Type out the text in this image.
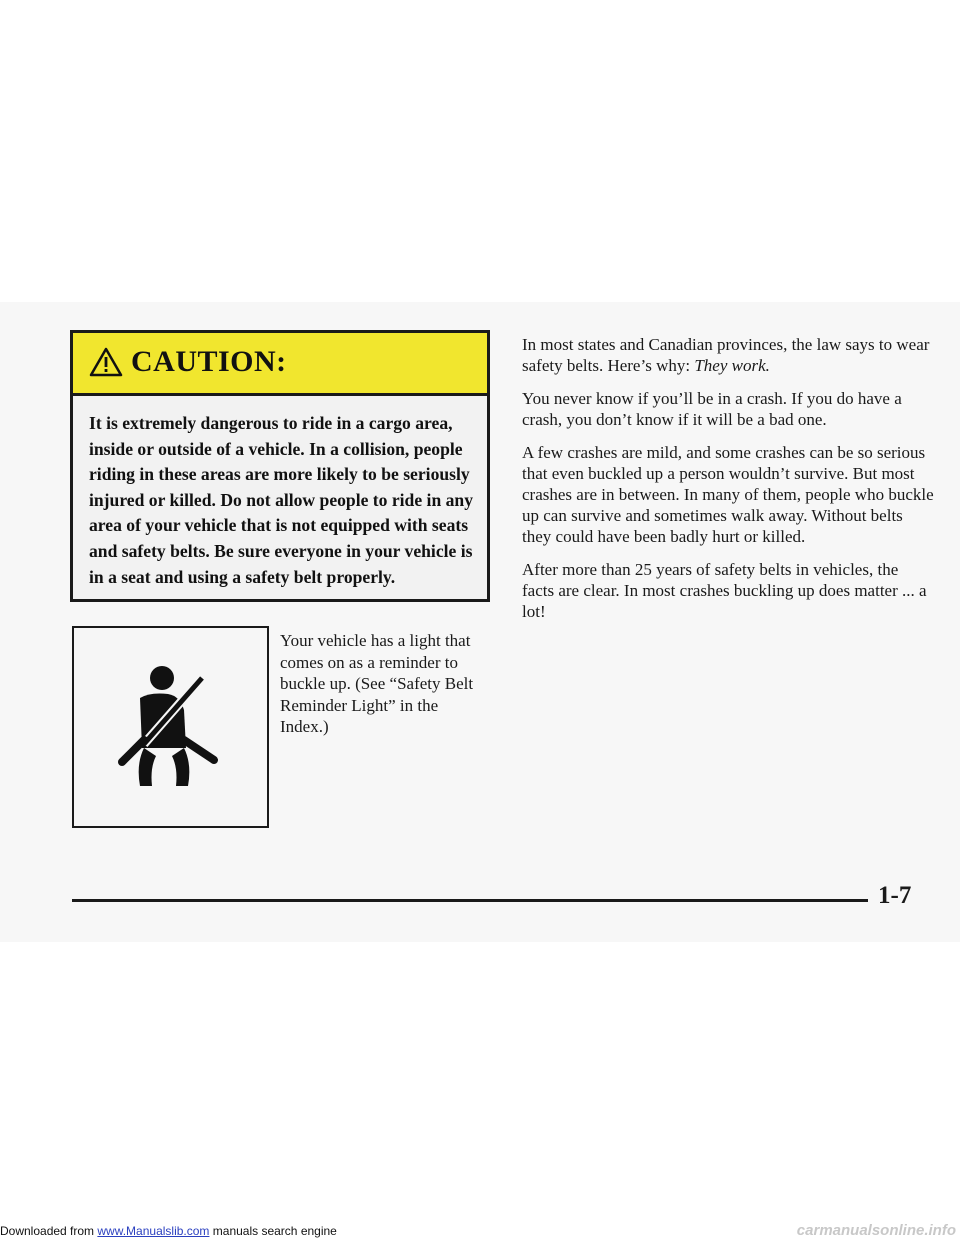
CAUTION:
It is extremely dangerous to ride in a cargo area, inside or outside of a vehicle. In a collision, people riding in these areas are more likely to be seriously injured or killed. Do not allow people to ride in any area of your vehicle that is not equipped with seats and safety belts. Be sure everyone in your vehicle is in a seat and using a safety belt properly.
Your vehicle has a light that comes on as a reminder to buckle up. (See “Safety Belt Reminder Light” in the Index.)

In most states and Canadian provinces, the law says to wear safety belts. Here’s why: They work.

You never know if you’ll be in a crash. If you do have a crash, you don’t know if it will be a bad one.

A few crashes are mild, and some crashes can be so serious that even buckled up a person wouldn’t survive. But most crashes are in between. In many of them, people who buckle up can survive and sometimes walk away. Without belts they could have been badly hurt or killed.

After more than 25 years of safety belts in vehicles, the facts are clear. In most crashes buckling up does matter ... a lot!

1-7
Downloaded from www.Manualslib.com manuals search engine	carmanualsonline.info
